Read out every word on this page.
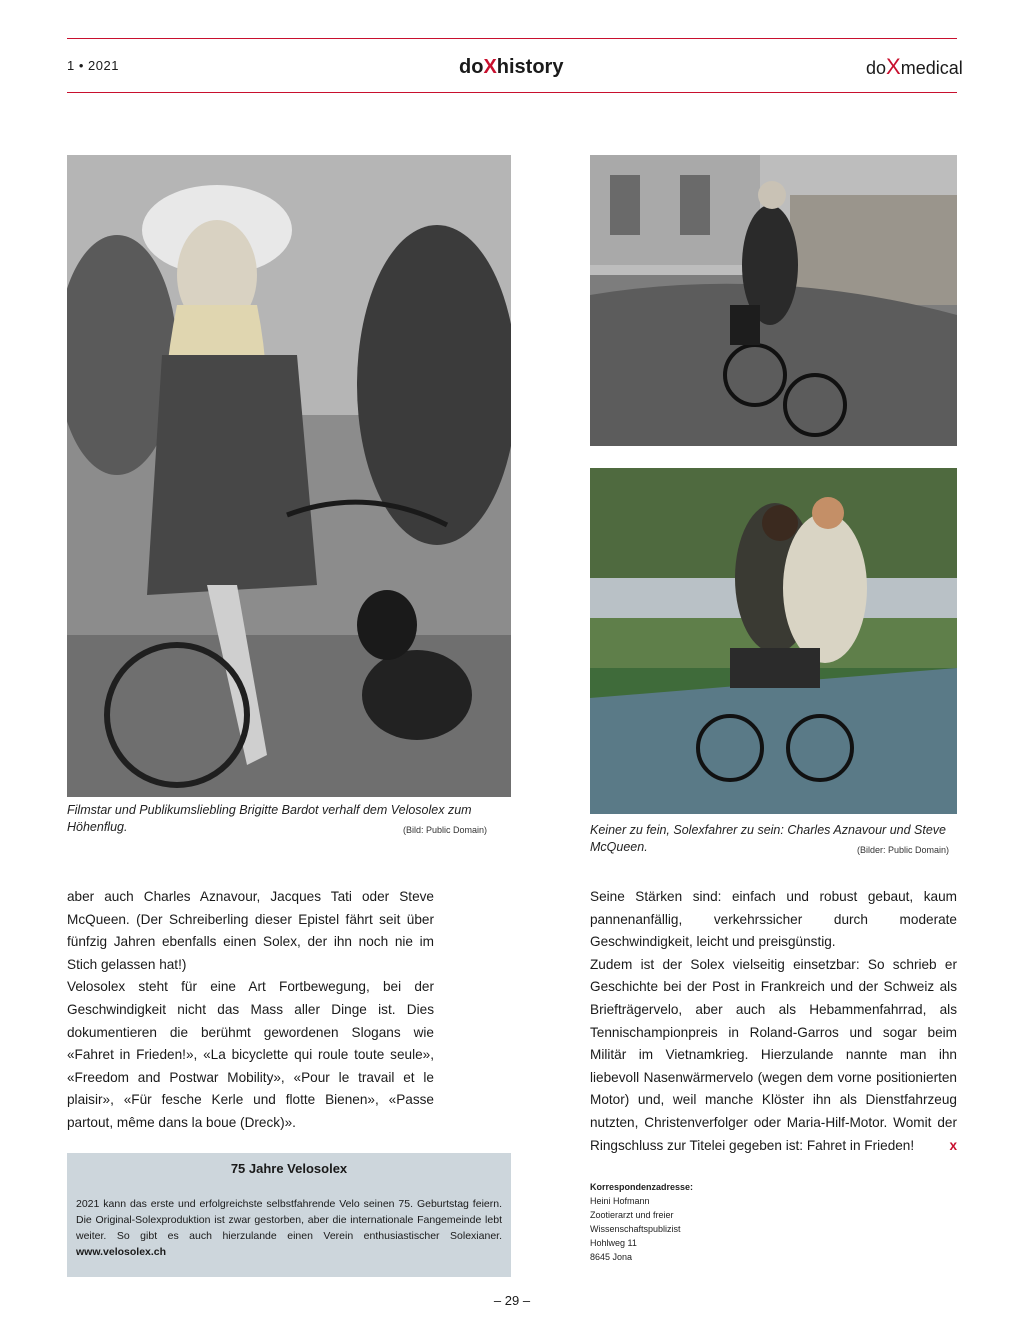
1 • 2021	doXhistory	doXmedical
Filmstar und Publikumsliebling Brigitte Bardot verhalf dem Velosolex zum Höhenflug.	(Bild: Public Domain)	Keiner zu fein, Solexfahrer zu sein: Charles Aznavour und Steve McQueen.	(Bilder: Public Domain)

aber auch Charles Aznavour, Jacques Tati oder Steve McQueen. (Der Schreiberling dieser Epistel fährt seit über fünfzig Jahren ebenfalls einen Solex, der ihn noch nie im Stich gelassen hat!)

Velosolex steht für eine Art Fortbewegung, bei der Geschwindigkeit nicht das Mass aller Dinge ist. Dies dokumentieren die berühmt gewordenen Slogans wie «Fahret in Frieden!», «La bicyclette qui roule toute seule», «Freedom and Postwar Mobility», «Pour le travail et le plaisir», «Für fesche Kerle und flotte Bienen», «Passe partout, même dans la boue (Dreck)».

Seine Stärken sind: einfach und robust gebaut, kaum pannenanfällig, verkehrssicher durch moderate Geschwindigkeit, leicht und preisgünstig.

Zudem ist der Solex vielseitig einsetzbar: So schrieb er Geschichte bei der Post in Frankreich und der Schweiz als Briefträgervelo, aber auch als Hebammenfahrrad, als Tennischampionpreis in Roland-Garros und sogar beim Militär im Vietnamkrieg. Hierzulande nannte man ihn liebevoll Nasenwärmervelo (wegen dem vorne positionierten Motor) und, weil manche Klöster ihn als Dienstfahrzeug nutzten, Christenverfolger oder Maria-Hilf-Motor. Womit der Ringschluss zur Titelei gegeben ist: Fahret in Frieden!	x
75 Jahre Velosolex
2021 kann das erste und erfolgreichste selbstfahrende Velo seinen 75. Geburtstag feiern. Die Original-Solexproduktion ist zwar gestorben, aber die internationale Fangemeinde lebt weiter. So gibt es auch hierzulande einen Verein enthusiastischer Solexianer. www.velosolex.ch
Korrespondenzadresse:
Heini Hofmann
Zootierarzt und freier
Wissenschaftspublizist
Hohlweg 11
8645 Jona
– 29 –
